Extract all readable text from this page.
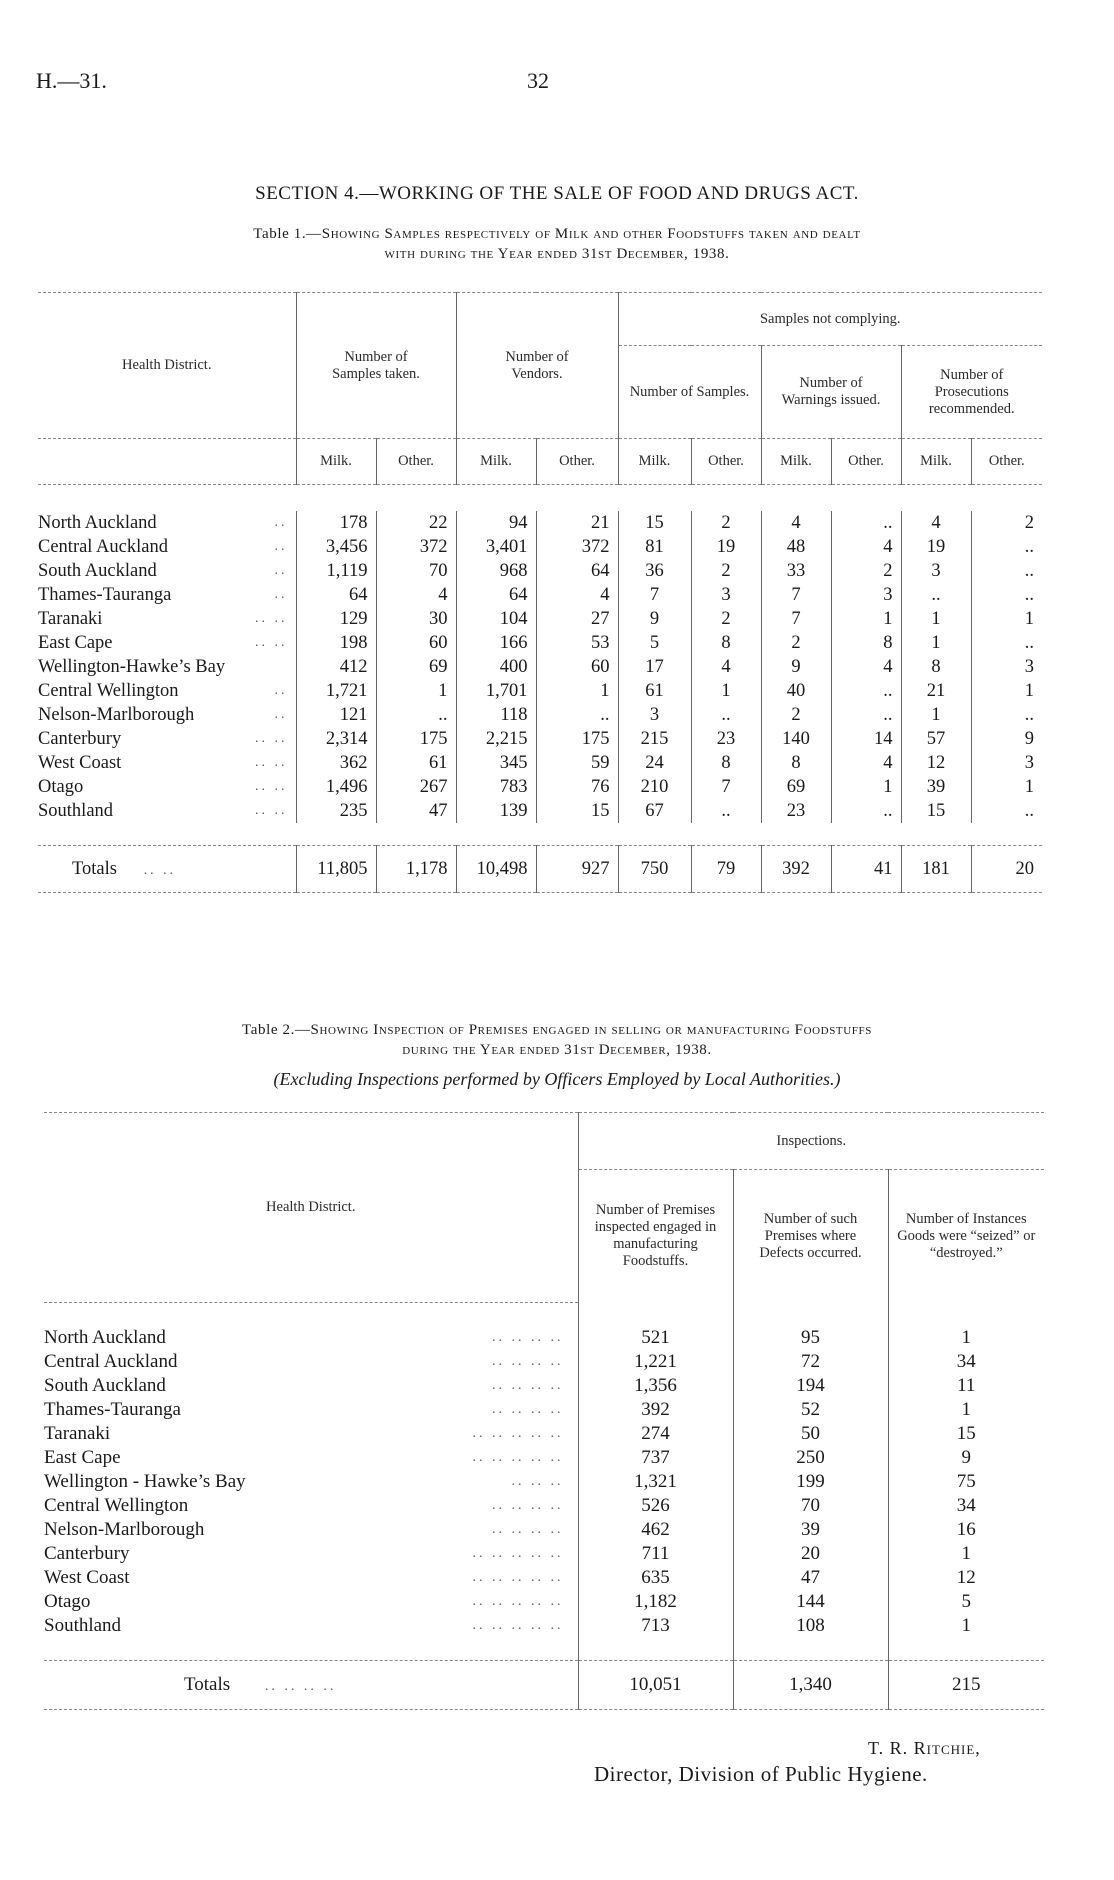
H.—31.	32
SECTION 4.—WORKING OF THE SALE OF FOOD AND DRUGS ACT.
Table 1.—Showing Samples respectively of Milk and other Foodstuffs taken and dealt
with during the Year ended 31st December, 1938.
Health District.	Number of Samples taken.		Number of Vendors.		Samples not complying.					
					Number of Samples.		Number of Warnings issued.		Number of Prosecutions recommended.	
	Milk.	Other.	Milk.	Other.	Milk.	Other.	Milk.	Other.	Milk.	Other.

North Auckland ..	178	22	94	21	15	2	4	..	4	2
Central Auckland ..	3,456	372	3,401	372	81	19	48	4	19	..
South Auckland ..	1,119	70	968	64	36	2	33	2	3	..
Thames-Tauranga ..	64	4	64	4	7	3	7	3	..	..
Taranaki .. ..	129	30	104	27	9	2	7	1	1	1
East Cape .. ..	198	60	166	53	5	8	2	8	1	..
Wellington-Hawke’s Bay	412	69	400	60	17	4	9	4	8	3
Central Wellington ..	1,721	1	1,701	1	61	1	40	..	21	1
Nelson-Marlborough ..	121	..	118	..	3	..	2	..	1	..
Canterbury .. ..	2,314	175	2,215	175	215	23	140	14	57	9
West Coast .. ..	362	61	345	59	24	8	8	4	12	3
Otago .. ..	1,496	267	783	76	210	7	69	1	39	1
Southland .. ..	235	47	139	15	67	..	23	..	15	..

Totals .. ..	11,805	1,178	10,498	927	750	79	392	41	181	20
Table 2.—Showing Inspection of Premises engaged in selling or manufacturing Foodstuffs
during the Year ended 31st December, 1938.
(Excluding Inspections performed by Officers Employed by Local Authorities.)
Health District.	Inspections.		
	Number of Premises inspected engaged in manufacturing Foodstuffs.	Number of such Premises where Defects occurred.	Number of Instances Goods were “seized” or “destroyed.”

North Auckland .. .. .. ..	521	95	1
Central Auckland .. .. .. ..	1,221	72	34
South Auckland .. .. .. ..	1,356	194	11
Thames-Tauranga .. .. .. ..	392	52	1
Taranaki .. .. .. .. ..	274	50	15
East Cape .. .. .. .. ..	737	250	9
Wellington - Hawke’s Bay .. .. ..	1,321	199	75
Central Wellington .. .. .. ..	526	70	34
Nelson-Marlborough .. .. .. ..	462	39	16
Canterbury .. .. .. .. ..	711	20	1
West Coast .. .. .. .. ..	635	47	12
Otago .. .. .. .. ..	1,182	144	5
Southland .. .. .. .. ..	713	108	1

Totals .. .. .. ..	10,051	1,340	215
T. R. Ritchie,
Director, Division of Public Hygiene.
